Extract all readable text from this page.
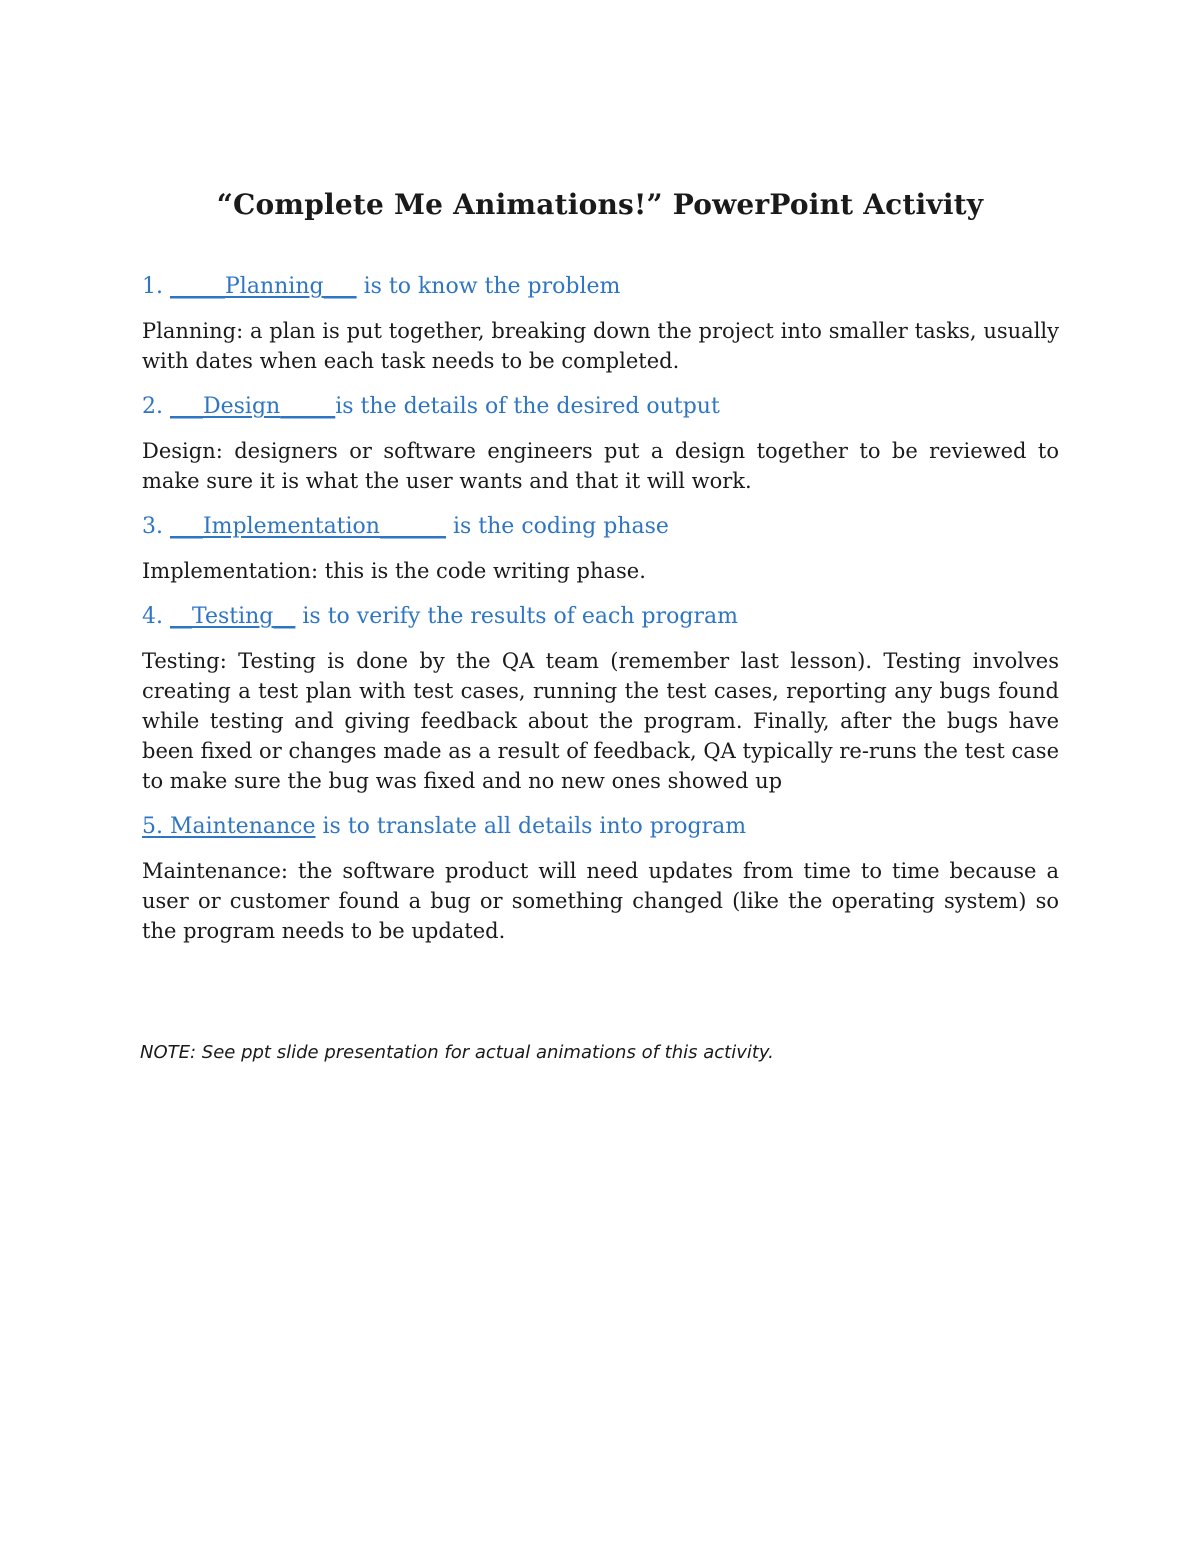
“Complete Me Animations!” PowerPoint Activity
1. _____Planning___ is to know the problem

Planning: a plan is put together, breaking down the project into smaller tasks, usually with dates when each task needs to be completed.

2. ___Design_____is the details of the desired output

Design: designers or software engineers put a design together to be reviewed to make sure it is what the user wants and that it will work.

3. ___Implementation______ is the coding phase

Implementation: this is the code writing phase.

4. __Testing__ is to verify the results of each program

Testing: Testing is done by the QA team (remember last lesson). Testing involves creating a test plan with test cases, running the test cases, reporting any bugs found while testing and giving feedback about the program. Finally, after the bugs have been fixed or changes made as a result of feedback, QA typically re-runs the test case to make sure the bug was fixed and no new ones showed up

5. Maintenance is to translate all details into program

Maintenance: the software product will need updates from time to time because a user or customer found a bug or something changed (like the operating system) so the program needs to be updated.

NOTE: See ppt slide presentation for actual animations of this activity.
